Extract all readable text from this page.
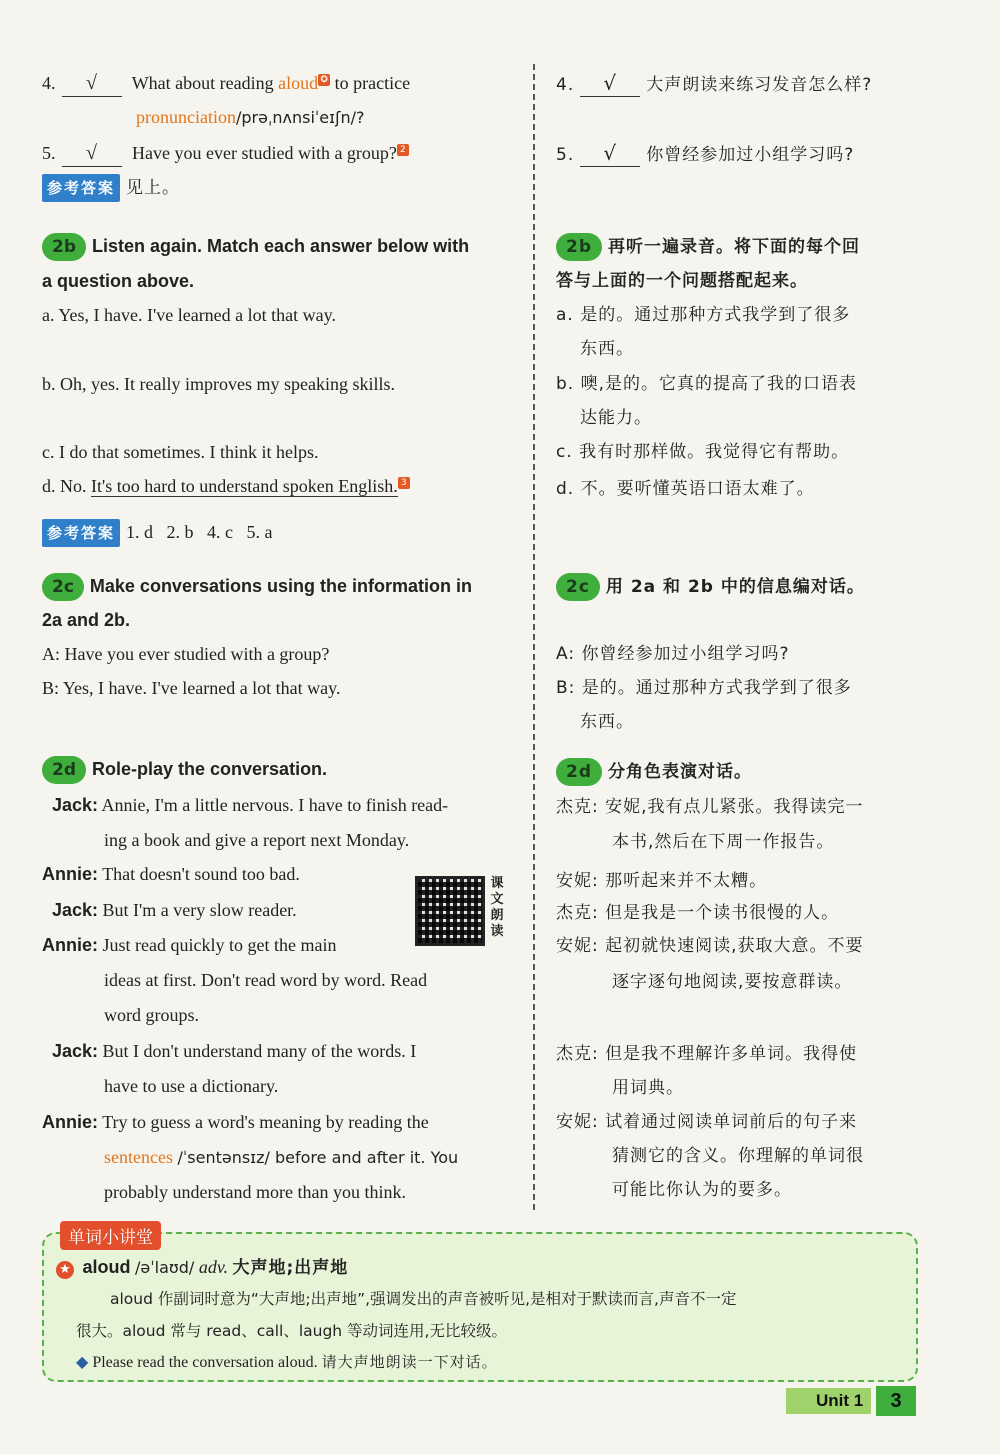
4. √ What about reading aloud ✪ to practice
pronunciation/prəˌnʌnsiˈeɪʃn/?
5. √ Have you ever studied with a group? 2
参考答案 见上。
2b Listen again. Match each answer below with
a question above.
a. Yes, I have. I've learned a lot that way.
b. Oh, yes. It really improves my speaking skills.
c. I do that sometimes. I think it helps.
d. No. It's too hard to understand spoken English. 3
参考答案 1. d   2. b   4. c   5. a
2c Make conversations using the information in
2a and 2b.
A: Have you ever studied with a group?
B: Yes, I have. I've learned a lot that way.
2d Role-play the conversation.
Jack: Annie, I'm a little nervous. I have to finish read-
ing a book and give a report next Monday.
Annie: That doesn't sound too bad.
Jack: But I'm a very slow reader.
Annie: Just read quickly to get the main
ideas at first. Don't read word by word. Read
word groups.
Jack: But I don't understand many of the words. I
have to use a dictionary.
Annie: Try to guess a word's meaning by reading the
sentences /ˈsentənsɪz/ before and after it. You
probably understand more than you think.
课
文
朗
读
4. √ 大声朗读来练习发音怎么样?
5. √ 你曾经参加过小组学习吗?
2b 再听一遍录音。将下面的每个回
答与上面的一个问题搭配起来。
a. 是的。通过那种方式我学到了很多
东西。
b. 噢,是的。它真的提高了我的口语表
达能力。
c. 我有时那样做。我觉得它有帮助。
d. 不。要听懂英语口语太难了。
2c 用 2a 和 2b 中的信息编对话。
A: 你曾经参加过小组学习吗?
B: 是的。通过那种方式我学到了很多
东西。
2d 分角色表演对话。
杰克: 安妮,我有点儿紧张。我得读完一
本书,然后在下周一作报告。
安妮: 那听起来并不太糟。
杰克: 但是我是一个读书很慢的人。
安妮: 起初就快速阅读,获取大意。不要
逐字逐句地阅读,要按意群读。
杰克: 但是我不理解许多单词。我得使
用词典。
安妮: 试着通过阅读单词前后的句子来
猜测它的含义。你理解的单词很
可能比你认为的要多。
单词小讲堂
★ aloud /əˈlaʊd/ adv. 大声地;出声地
aloud 作副词时意为“大声地;出声地”,强调发出的声音被听见,是相对于默读而言,声音不一定
很大。aloud 常与 read、call、laugh 等动词连用,无比较级。
◆ Please read the conversation aloud. 请大声地朗读一下对话。
Unit 1	3
